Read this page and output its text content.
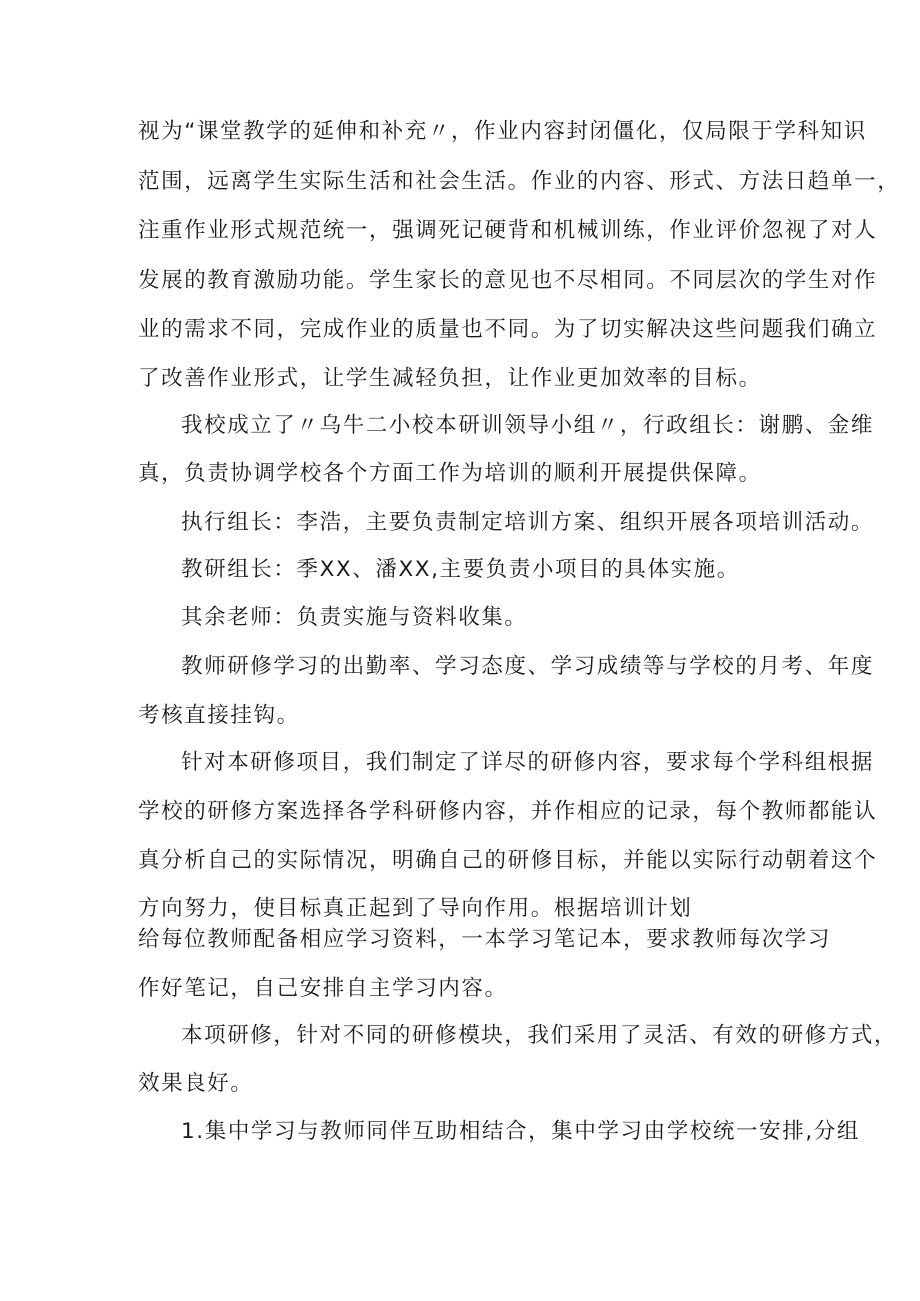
视为“课堂教学的延伸和补充〃，作业内容封闭僵化，仅局限于学科知识
范围，远离学生实际生活和社会生活。作业的内容、形式、方法日趋单一，
注重作业形式规范统一，强调死记硬背和机械训练，作业评价忽视了对人
发展的教育激励功能。学生家长的意见也不尽相同。不同层次的学生对作
业的需求不同，完成作业的质量也不同。为了切实解决这些问题我们确立
了改善作业形式，让学生减轻负担，让作业更加效率的目标。
我校成立了〃乌牛二小校本研训领导小组〃，行政组长：谢鹏、金维
真，负责协调学校各个方面工作为培训的顺利开展提供保障。
执行组长：李浩，主要负责制定培训方案、组织开展各项培训活动。
教研组长：季XX、潘XX,主要负责小项目的具体实施。
其余老师：负责实施与资料收集。
教师研修学习的出勤率、学习态度、学习成绩等与学校的月考、年度
考核直接挂钩。
针对本研修项目，我们制定了详尽的研修内容，要求每个学科组根据
学校的研修方案选择各学科研修内容，并作相应的记录，每个教师都能认
真分析自己的实际情况，明确自己的研修目标，并能以实际行动朝着这个
方向努力，使目标真正起到了导向作用。根据培训计划
给每位教师配备相应学习资料，一本学习笔记本，要求教师每次学习
作好笔记，自己安排自主学习内容。
本项研修，针对不同的研修模块，我们采用了灵活、有效的研修方式，
效果良好。
1.集中学习与教师同伴互助相结合，集中学习由学校统一安排,分组
